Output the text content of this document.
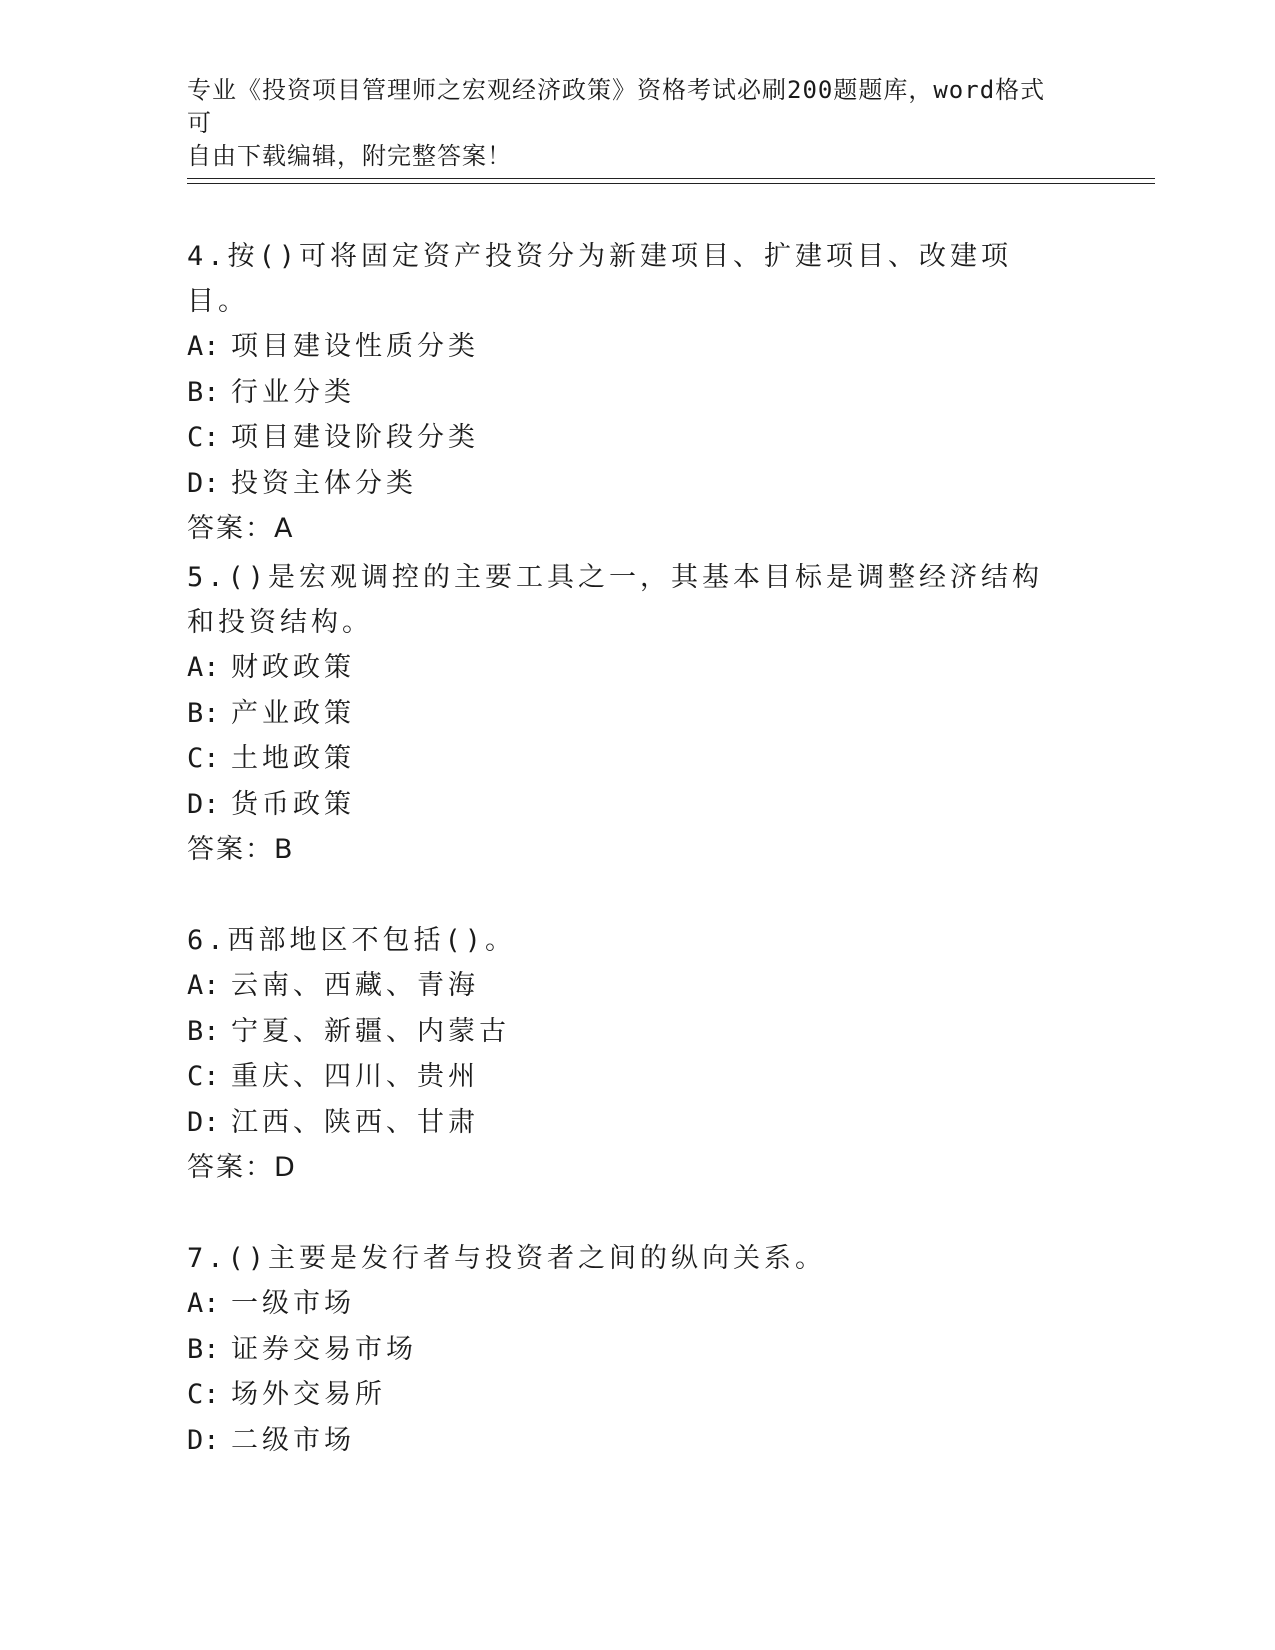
专业《投资项目管理师之宏观经济政策》资格考试必刷200题题库，word格式可
自由下载编辑，附完整答案！

4.按()可将固定资产投资分为新建项目、扩建项目、改建项目。

A: 项目建设性质分类

B: 行业分类

C: 项目建设阶段分类

D: 投资主体分类

答案：A

5.()是宏观调控的主要工具之一，其基本目标是调整经济结构和投资结构。

A: 财政政策

B: 产业政策

C: 土地政策

D: 货币政策

答案：B

6.西部地区不包括()。

A: 云南、西藏、青海

B: 宁夏、新疆、内蒙古

C: 重庆、四川、贵州

D: 江西、陕西、甘肃

答案：D

7.()主要是发行者与投资者之间的纵向关系。

A: 一级市场

B: 证券交易市场

C: 场外交易所

D: 二级市场
